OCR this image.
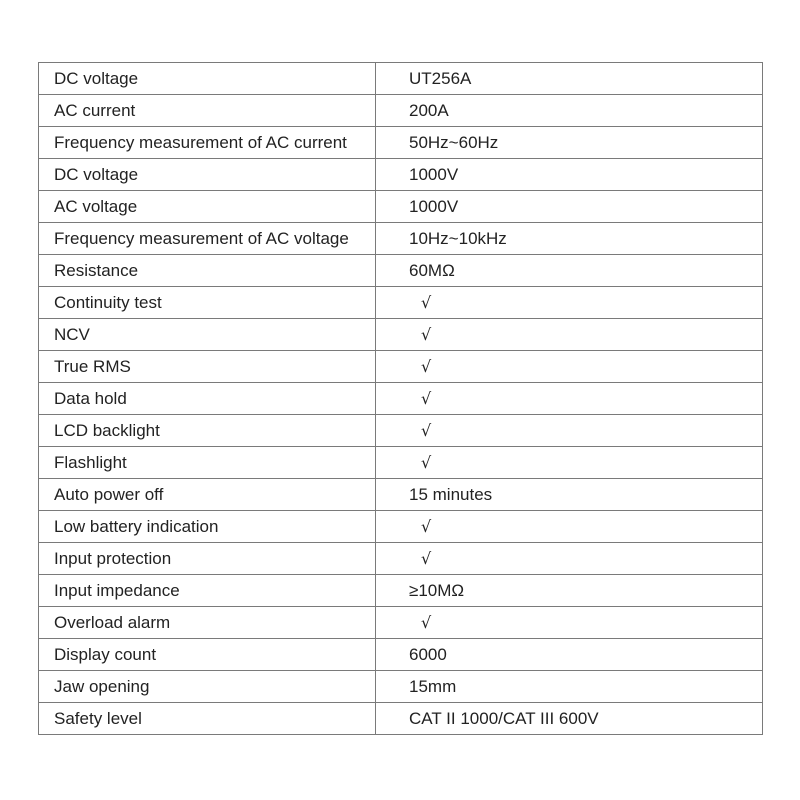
DC voltage	UT256A
AC current	200A
Frequency measurement of AC current	50Hz~60Hz
DC voltage	1000V
AC voltage	1000V
Frequency measurement of AC voltage	10Hz~10kHz
Resistance	60MΩ
Continuity test	√
NCV	√
True RMS	√
Data hold	√
LCD backlight	√
Flashlight	√
Auto power off	15 minutes
Low battery indication	√
Input protection	√
Input impedance	≥10MΩ
Overload alarm	√
Display count	6000
Jaw opening	15mm
Safety level	CAT II 1000/CAT III 600V
